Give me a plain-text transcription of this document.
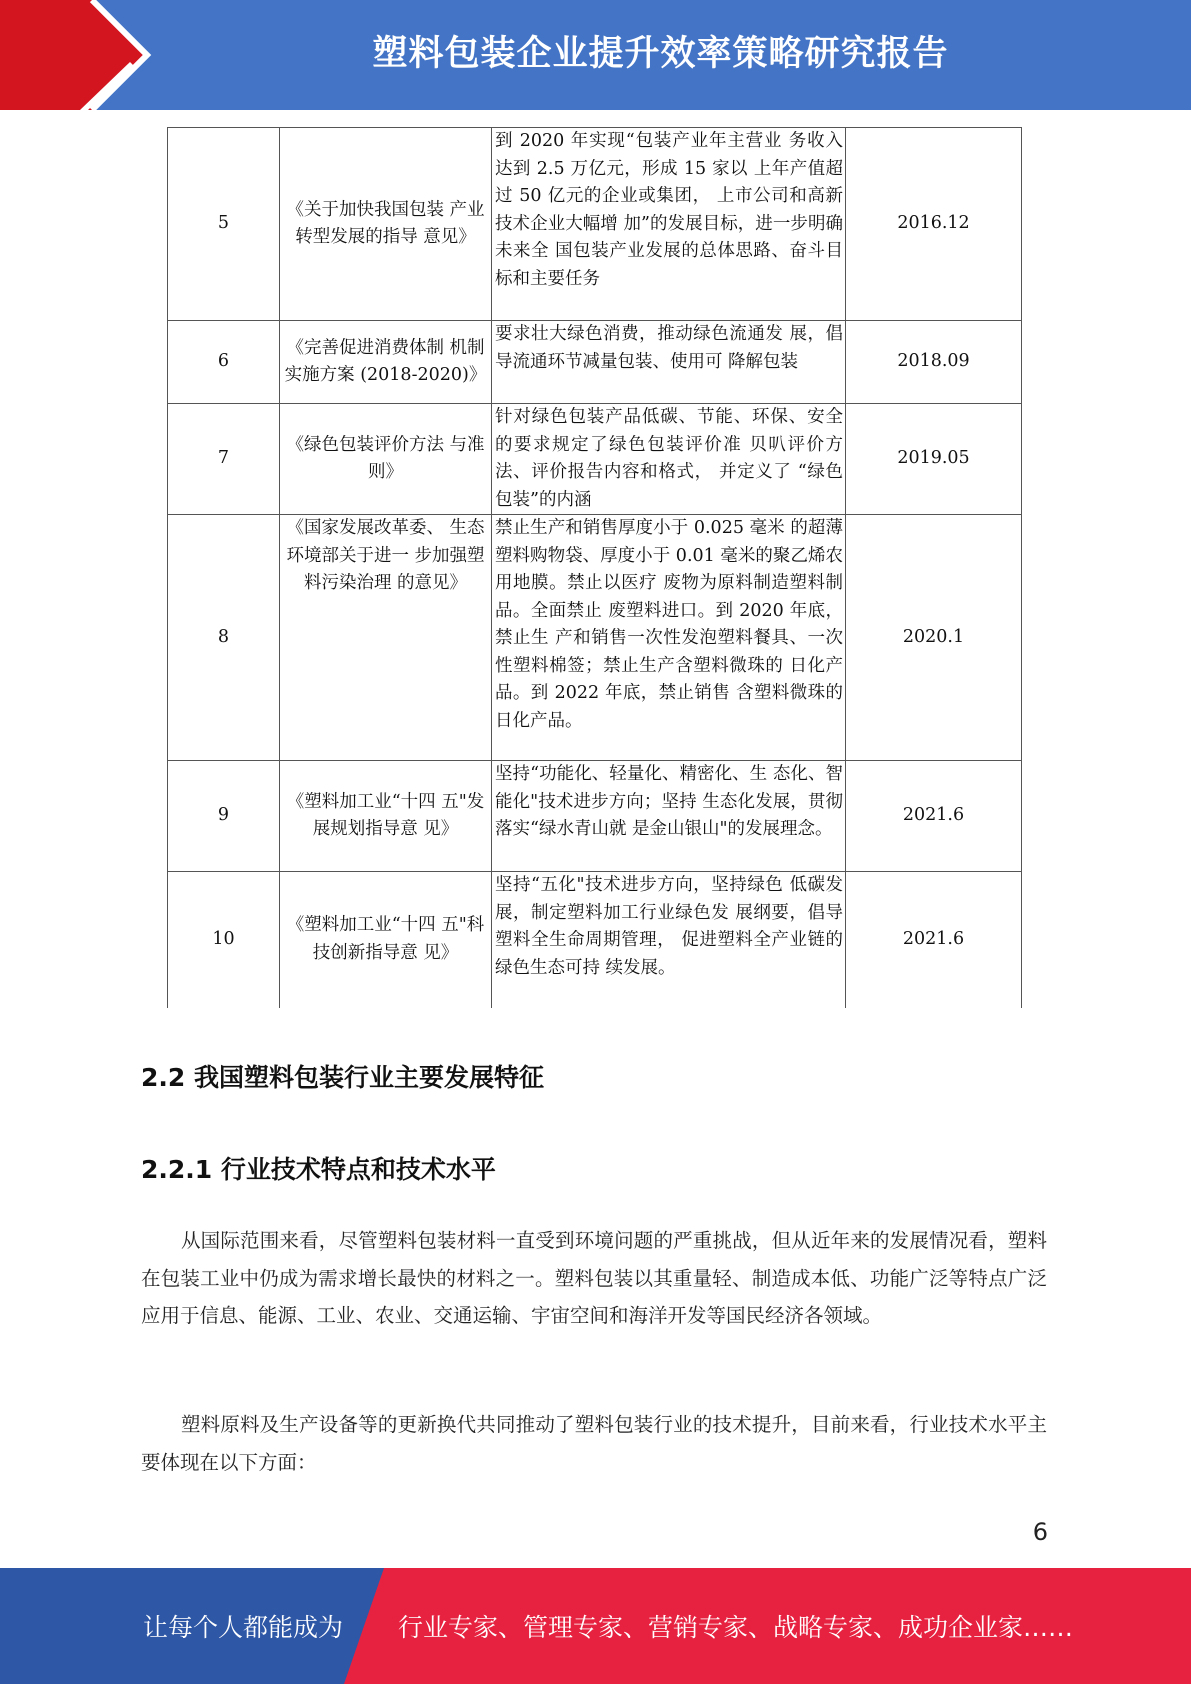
塑料包装企业提升效率策略研究报告
5	《关于加快我国包装 产业转型发展的指导 意见》	到 2020 年实现“包装产业年主营业 务收入达到 2.5 万亿元，形成 15 家以 上年产值超过 50 亿元的企业或集团， 上市公司和高新技术企业大幅增 加”的发展目标，进一步明确未来全 国包装产业发展的总体思路、奋斗目 标和主要任务	2016.12
6	《完善促进消费体制 机制实施方案 (2018-2020)》	要求壮大绿色消费，推动绿色流通发 展，倡导流通环节减量包装、使用可 降解包装	2018.09
7	《绿色包装评价方法 与准则》	针对绿色包装产品低碳、节能、环保、安全的要求规定了绿色包装评价准 贝叭评价方法、评价报告内容和格式， 并定义了 “绿色包装”的内涵	2019.05
8	《国家发展改革委、 生态环境部关于进一 步加强塑料污染治理 的意见》	禁止生产和销售厚度小于 0.025 毫米 的超薄塑料购物袋、厚度小于 0.01 毫米的聚乙烯农用地膜。禁止以医疗 废物为原料制造塑料制品。全面禁止 废塑料进口。到 2020 年底，禁止生 产和销售一次性发泡塑料餐具、一次 性塑料棉签；禁止生产含塑料微珠的 日化产品。到 2022 年底，禁止销售 含塑料微珠的日化产品。	2020.1
9	《塑料加工业“十四 五"发展规划指导意 见》	坚持“功能化、轻量化、精密化、生 态化、智能化"技术进步方向；坚持 生态化发展，贯彻落实“绿水青山就 是金山银山"的发展理念。	2021.6
10	《塑料加工业“十四 五"科技创新指导意 见》	坚持“五化"技术进步方向，坚持绿色 低碳发展，制定塑料加工行业绿色发 展纲要，倡导塑料全生命周期管理， 促进塑料全产业链的绿色生态可持 续发展。	2021.6
2.2 我国塑料包装行业主要发展特征
2.2.1 行业技术特点和技术水平

从国际范围来看，尽管塑料包装材料一直受到环境问题的严重挑战，但从近年来的发展情况看，塑料在包装工业中仍成为需求增长最快的材料之一。塑料包装以其重量轻、制造成本低、功能广泛等特点广泛应用于信息、能源、工业、农业、交通运输、宇宙空间和海洋开发等国民经济各领域。

塑料原料及生产设备等的更新换代共同推动了塑料包装行业的技术提升，目前来看，行业技术水平主要体现在以下方面：

6
让每个人都能成为 行业专家、管理专家、营销专家、战略专家、成功企业家……
